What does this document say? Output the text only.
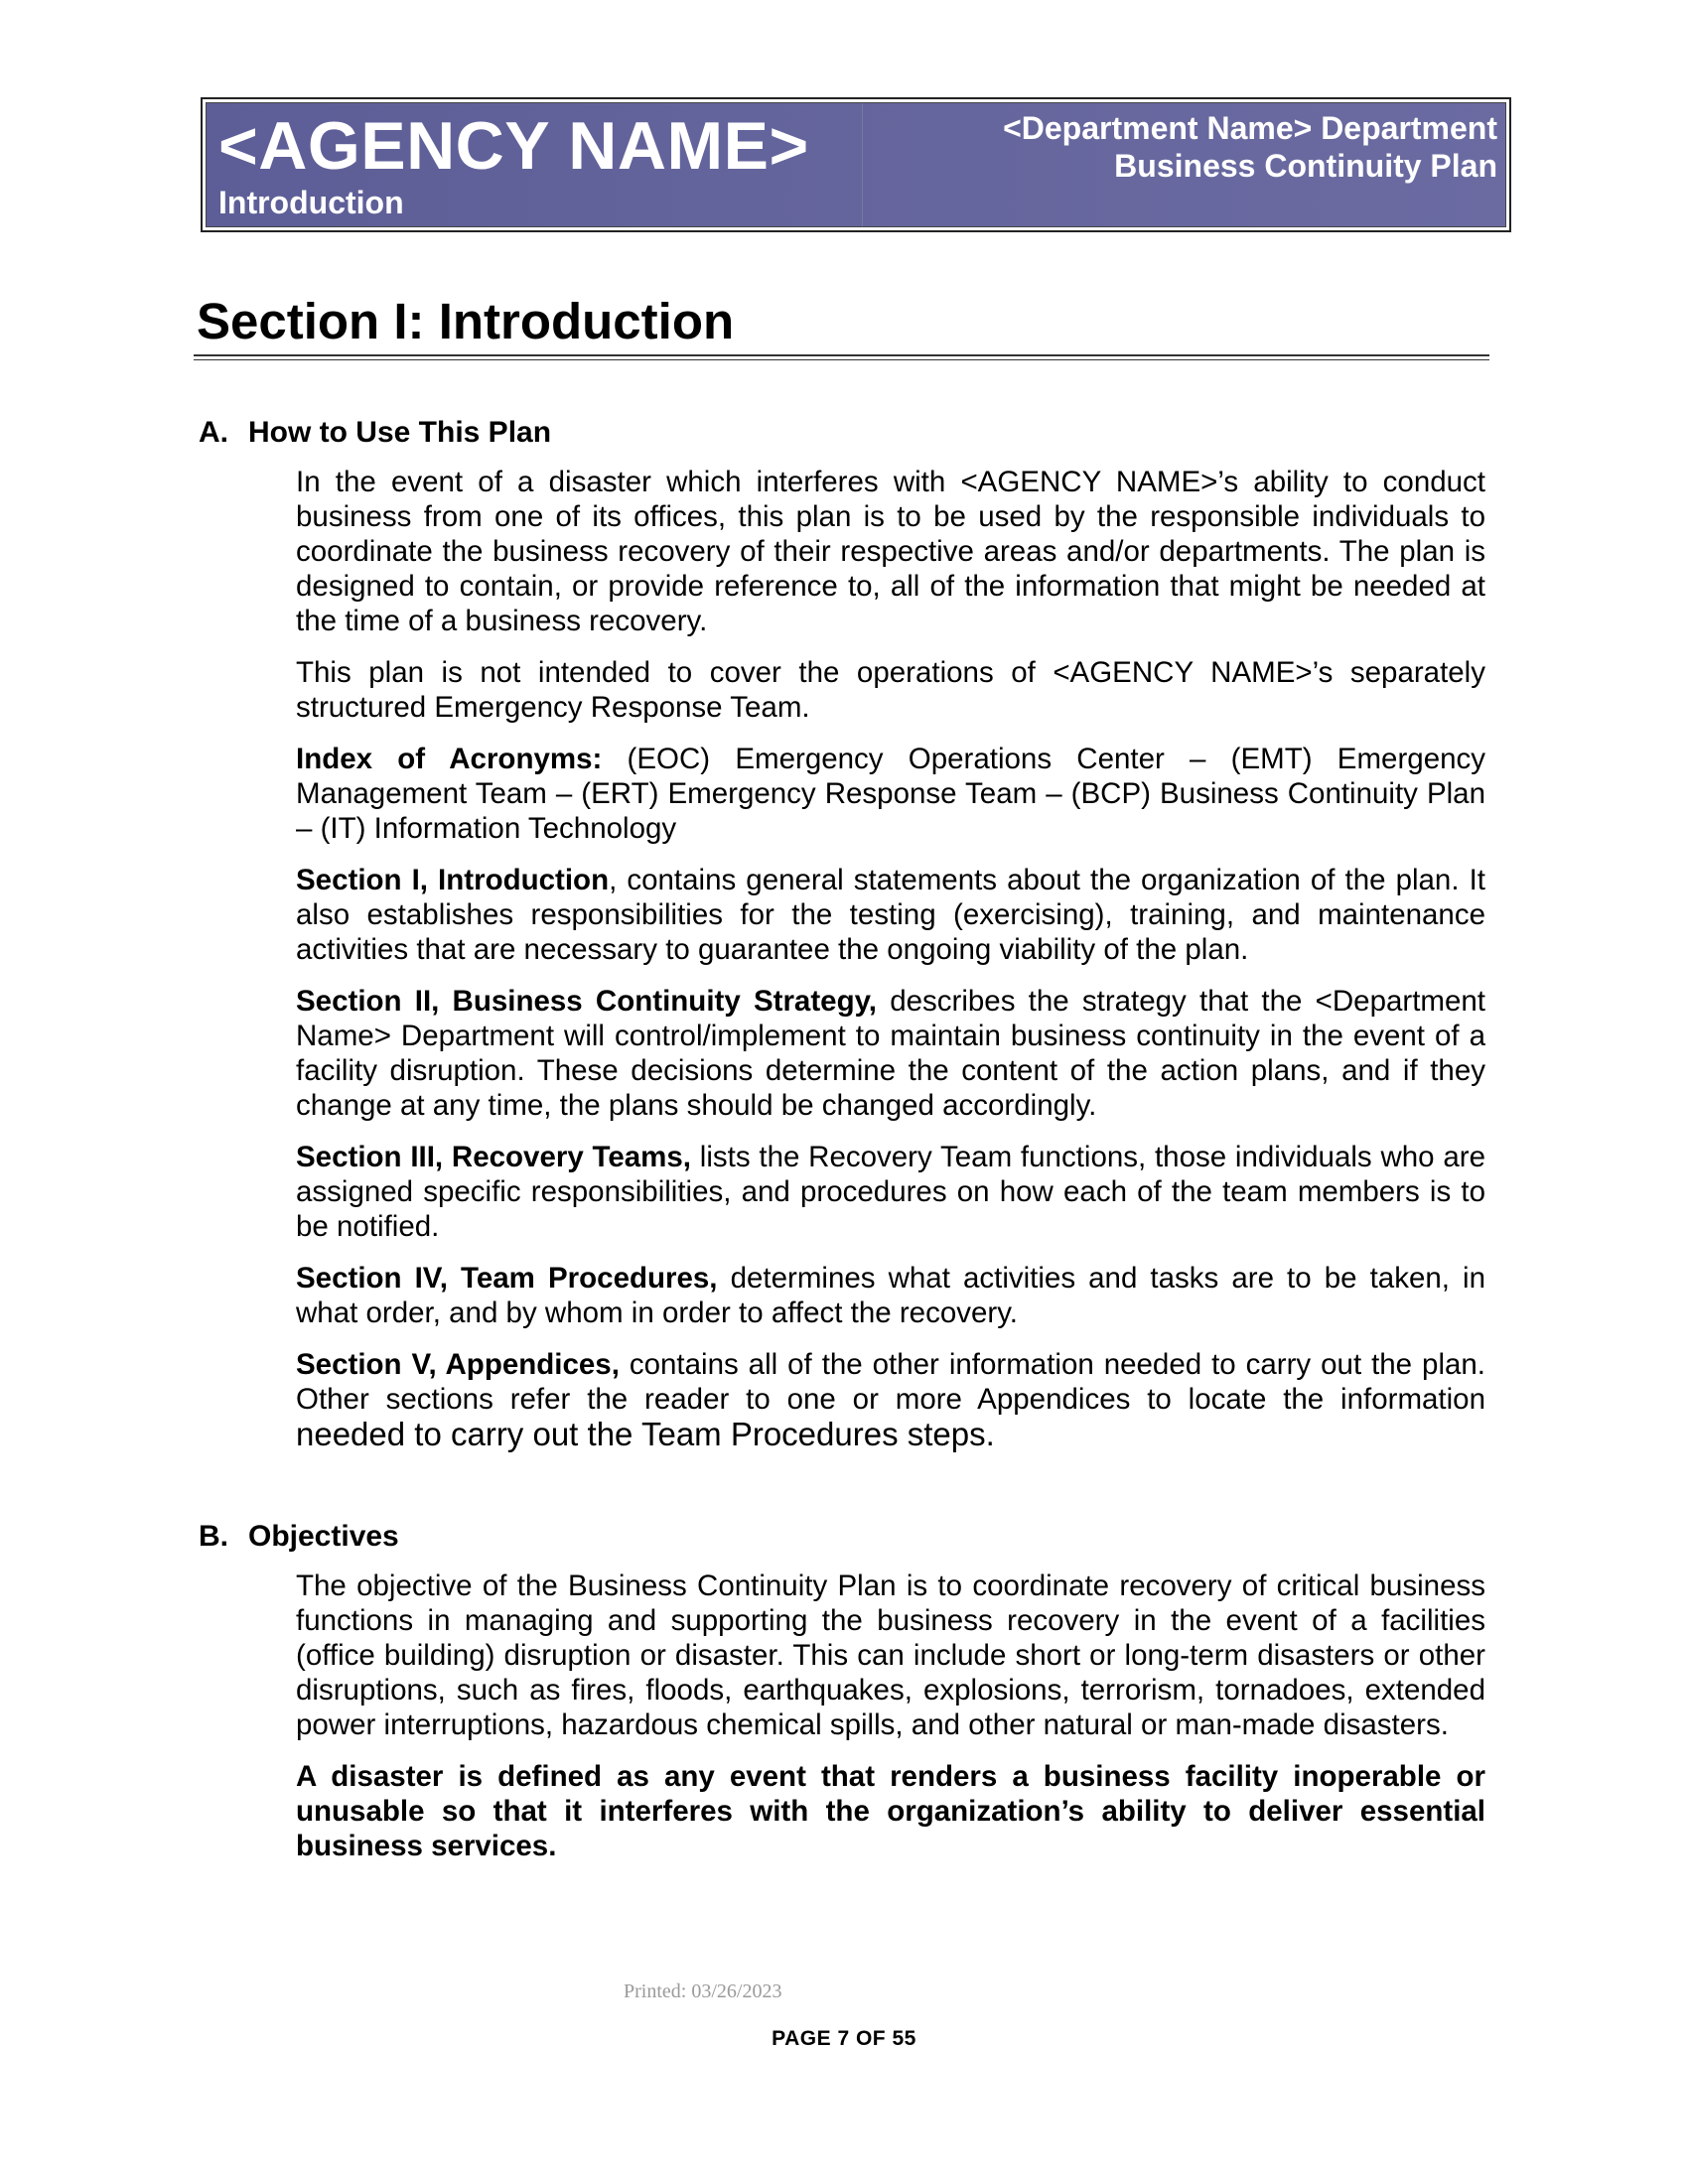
<AGENCY NAME>
Introduction
<Department Name> Department
Business Continuity Plan
Section I: Introduction
A. How to Use This Plan

In the event of a disaster which interferes with <AGENCY NAME>’s ability to conduct business from one of its offices, this plan is to be used by the responsible individuals to coordinate the business recovery of their respective areas and/or departments. The plan is designed to contain, or provide reference to, all of the information that might be needed at the time of a business recovery.

This plan is not intended to cover the operations of <AGENCY NAME>’s separately structured Emergency Response Team.

Index of Acronyms: (EOC) Emergency Operations Center – (EMT) Emergency Management Team – (ERT) Emergency Response Team – (BCP) Business Continuity Plan – (IT) Information Technology

Section I, Introduction, contains general statements about the organization of the plan. It also establishes responsibilities for the testing (exercising), training, and maintenance activities that are necessary to guarantee the ongoing viability of the plan.

Section II, Business Continuity Strategy, describes the strategy that the <Department Name> Department will control/implement to maintain business continuity in the event of a facility disruption. These decisions determine the content of the action plans, and if they change at any time, the plans should be changed accordingly.

Section III, Recovery Teams, lists the Recovery Team functions, those individuals who are assigned specific responsibilities, and procedures on how each of the team members is to be notified.

Section IV, Team Procedures, determines what activities and tasks are to be taken, in what order, and by whom in order to affect the recovery.

Section V, Appendices, contains all of the other information needed to carry out the plan. Other sections refer the reader to one or more Appendices to locate the information needed to carry out the Team Procedures steps.

B. Objectives

The objective of the Business Continuity Plan is to coordinate recovery of critical business functions in managing and supporting the business recovery in the event of a facilities (office building) disruption or disaster. This can include short or long-term disasters or other disruptions, such as fires, floods, earthquakes, explosions, terrorism, tornadoes, extended power interruptions, hazardous chemical spills, and other natural or man-made disasters.

A disaster is defined as any event that renders a business facility inoperable or unusable so that it interferes with the organization’s ability to deliver essential business services.

Printed: 03/26/2023
PAGE 7 OF 55
